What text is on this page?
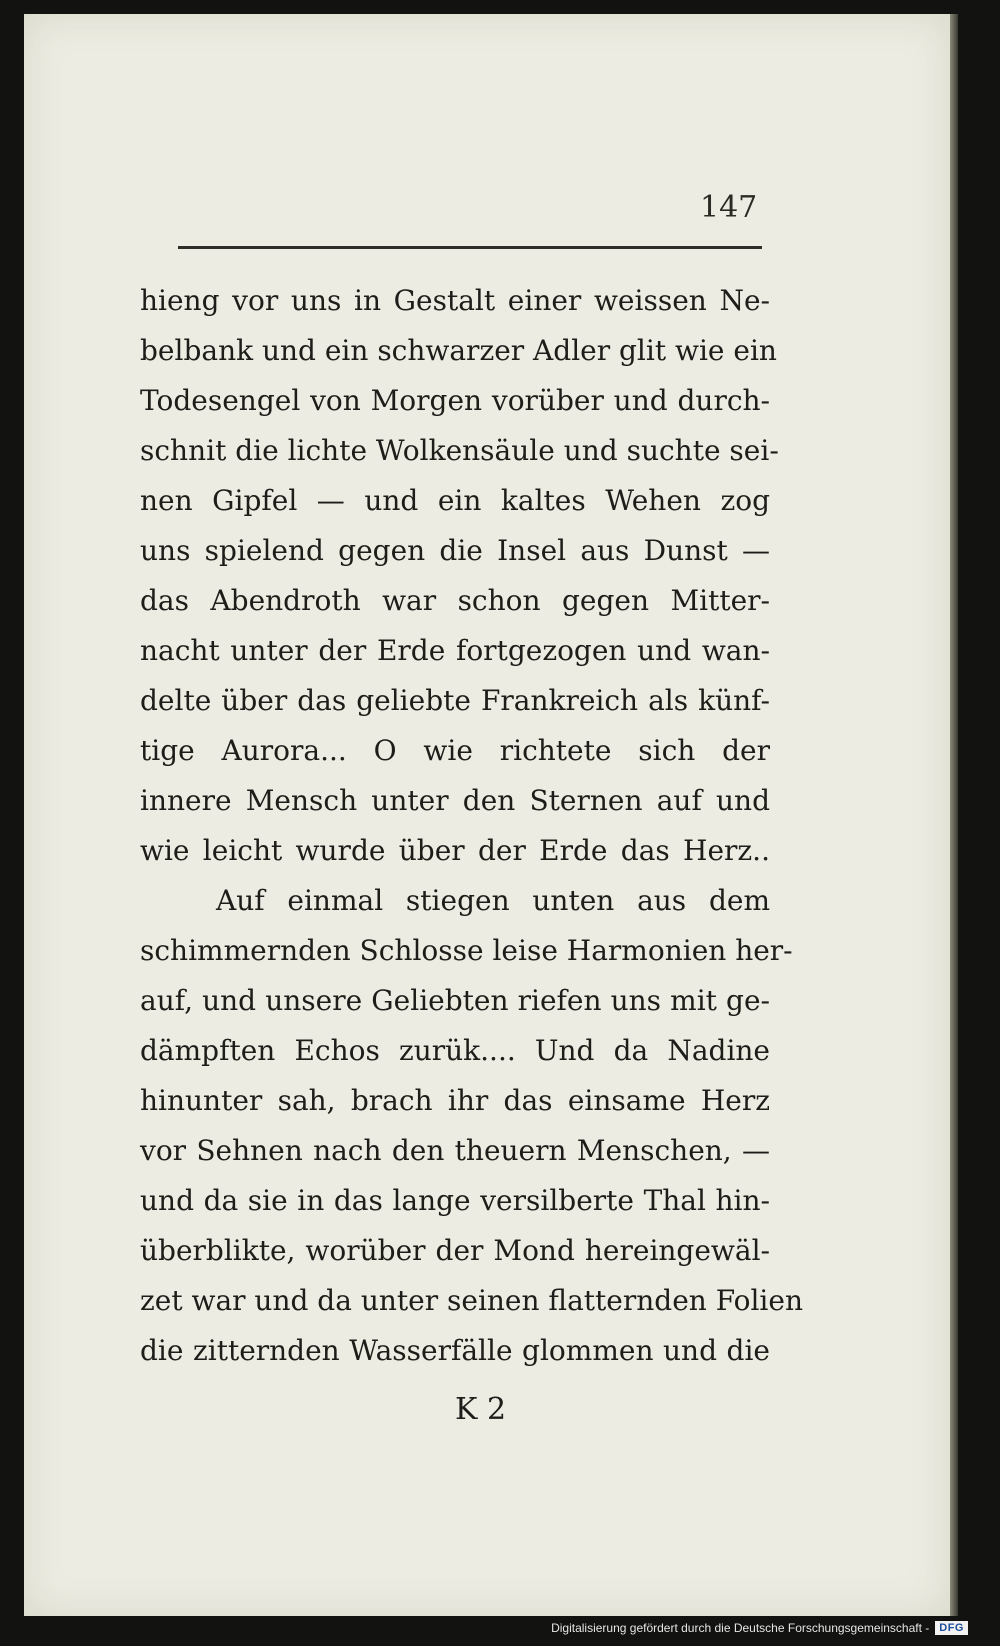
147
hieng vor uns in Gestalt einer weissen Ne-
belbank und ein schwarzer Adler glit wie ein
Todesengel von Morgen vorüber und durch-
schnit die lichte Wolkensäule und suchte sei-
nen Gipfel — und ein kaltes Wehen zog
uns spielend gegen die Insel aus Dunst —
das Abendroth war schon gegen Mitter-
nacht unter der Erde fortgezogen und wan-
delte über das geliebte Frankreich als künf-
tige Aurora... O wie richtete sich der
innere Mensch unter den Sternen auf und
wie leicht wurde über der Erde das Herz..
Auf einmal stiegen unten aus dem
schimmernden Schlosse leise Harmonien her-
auf, und unsere Geliebten riefen uns mit ge-
dämpften Echos zurük.... Und da Nadine
hinunter sah, brach ihr das einsame Herz
vor Sehnen nach den theuern Menschen, —
und da sie in das lange versilberte Thal hin-
überblikte, worüber der Mond hereingewäl-
zet war und da unter seinen flatternden Folien
die zitternden Wasserfälle glommen und die
K 2
Digitalisierung gefördert durch die Deutsche Forschungsgemeinschaft - DFG
